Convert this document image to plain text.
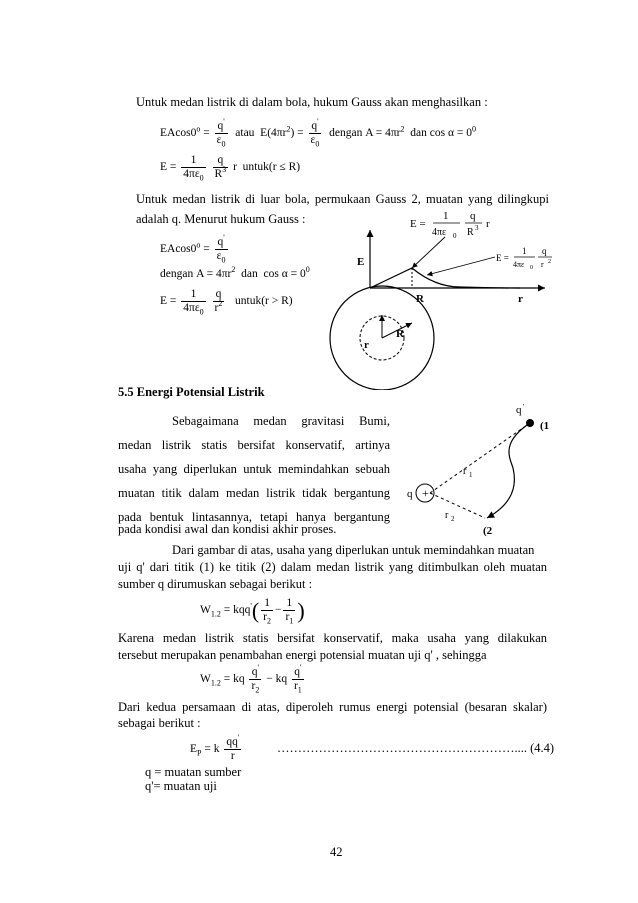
Untuk medan listrik di dalam bola, hukum Gauss akan menghasilkan :
$EAcos0^o = \frac{q'}{\varepsilon_0}$ atau $E(4\pi r^2) = \frac{q'}{\varepsilon_0}$ dengan $A = 4\pi r^2$ dan $\cos \alpha = 0^0$
$E = \frac{1}{4\pi\varepsilon_0}$
$\frac{q}{R^3}$ r untuk(r ≤ R)
Untuk medan listrik di luar bola, permukaan Gauss 2, muatan yang dilingkupi
adalah q. Menurut hukum Gauss :
$EAcos0^o = \frac{q'}{\varepsilon_0}$
dengan $A = 4\pi r^2$ dan $\cos \alpha = 0^0$
$E = \frac{1}{4\pi\varepsilon_0}$
$\frac{q}{r^2}$ untuk(r > R)
E
R	r
R
r
E =
1
4πε 0
q
R 3 r
E =
1
4πε 0
q
r 2
5.5 Energi Potensial Listrik
Sebagaimana medan gravitasi Bumi,
medan listrik statis bersifat konservatif, artinya
usaha yang diperlukan untuk memindahkan sebuah
muatan titik dalam medan listrik tidak bergantung
pada bentuk lintasannya, tetapi hanya bergantung
pada kondisi awal dan kondisi akhir proses.
+
q
q '
(1
(2
r 1
r 2
Dari gambar di atas, usaha yang diperlukan untuk memindahkan muatan
uji q' dari titik (1) ke titik (2) dalam medan listrik yang ditimbulkan oleh muatan
sumber q dirumuskan sebagai berikut :
$W_{1.2} = kqq'( \frac{1}{r_2} - \frac{1}{r_1}$ )
Karena medan listrik statis bersifat konservatif, maka usaha yang dilakukan
tersebut merupakan penambahan energi potensial muatan uji q' , sehingga
$W_{1.2}$ = kq $\frac{q'}{r_2}$ − kq $\frac{q'}{r_1}$
Dari kedua persamaan di atas, diperoleh rumus energi potensial (besaran skalar)
sebagai berikut :
$E_P = k \frac{qq'}{r}$	………………………………………………….... (4.4)
q = muatan sumber
q'= muatan uji
42
